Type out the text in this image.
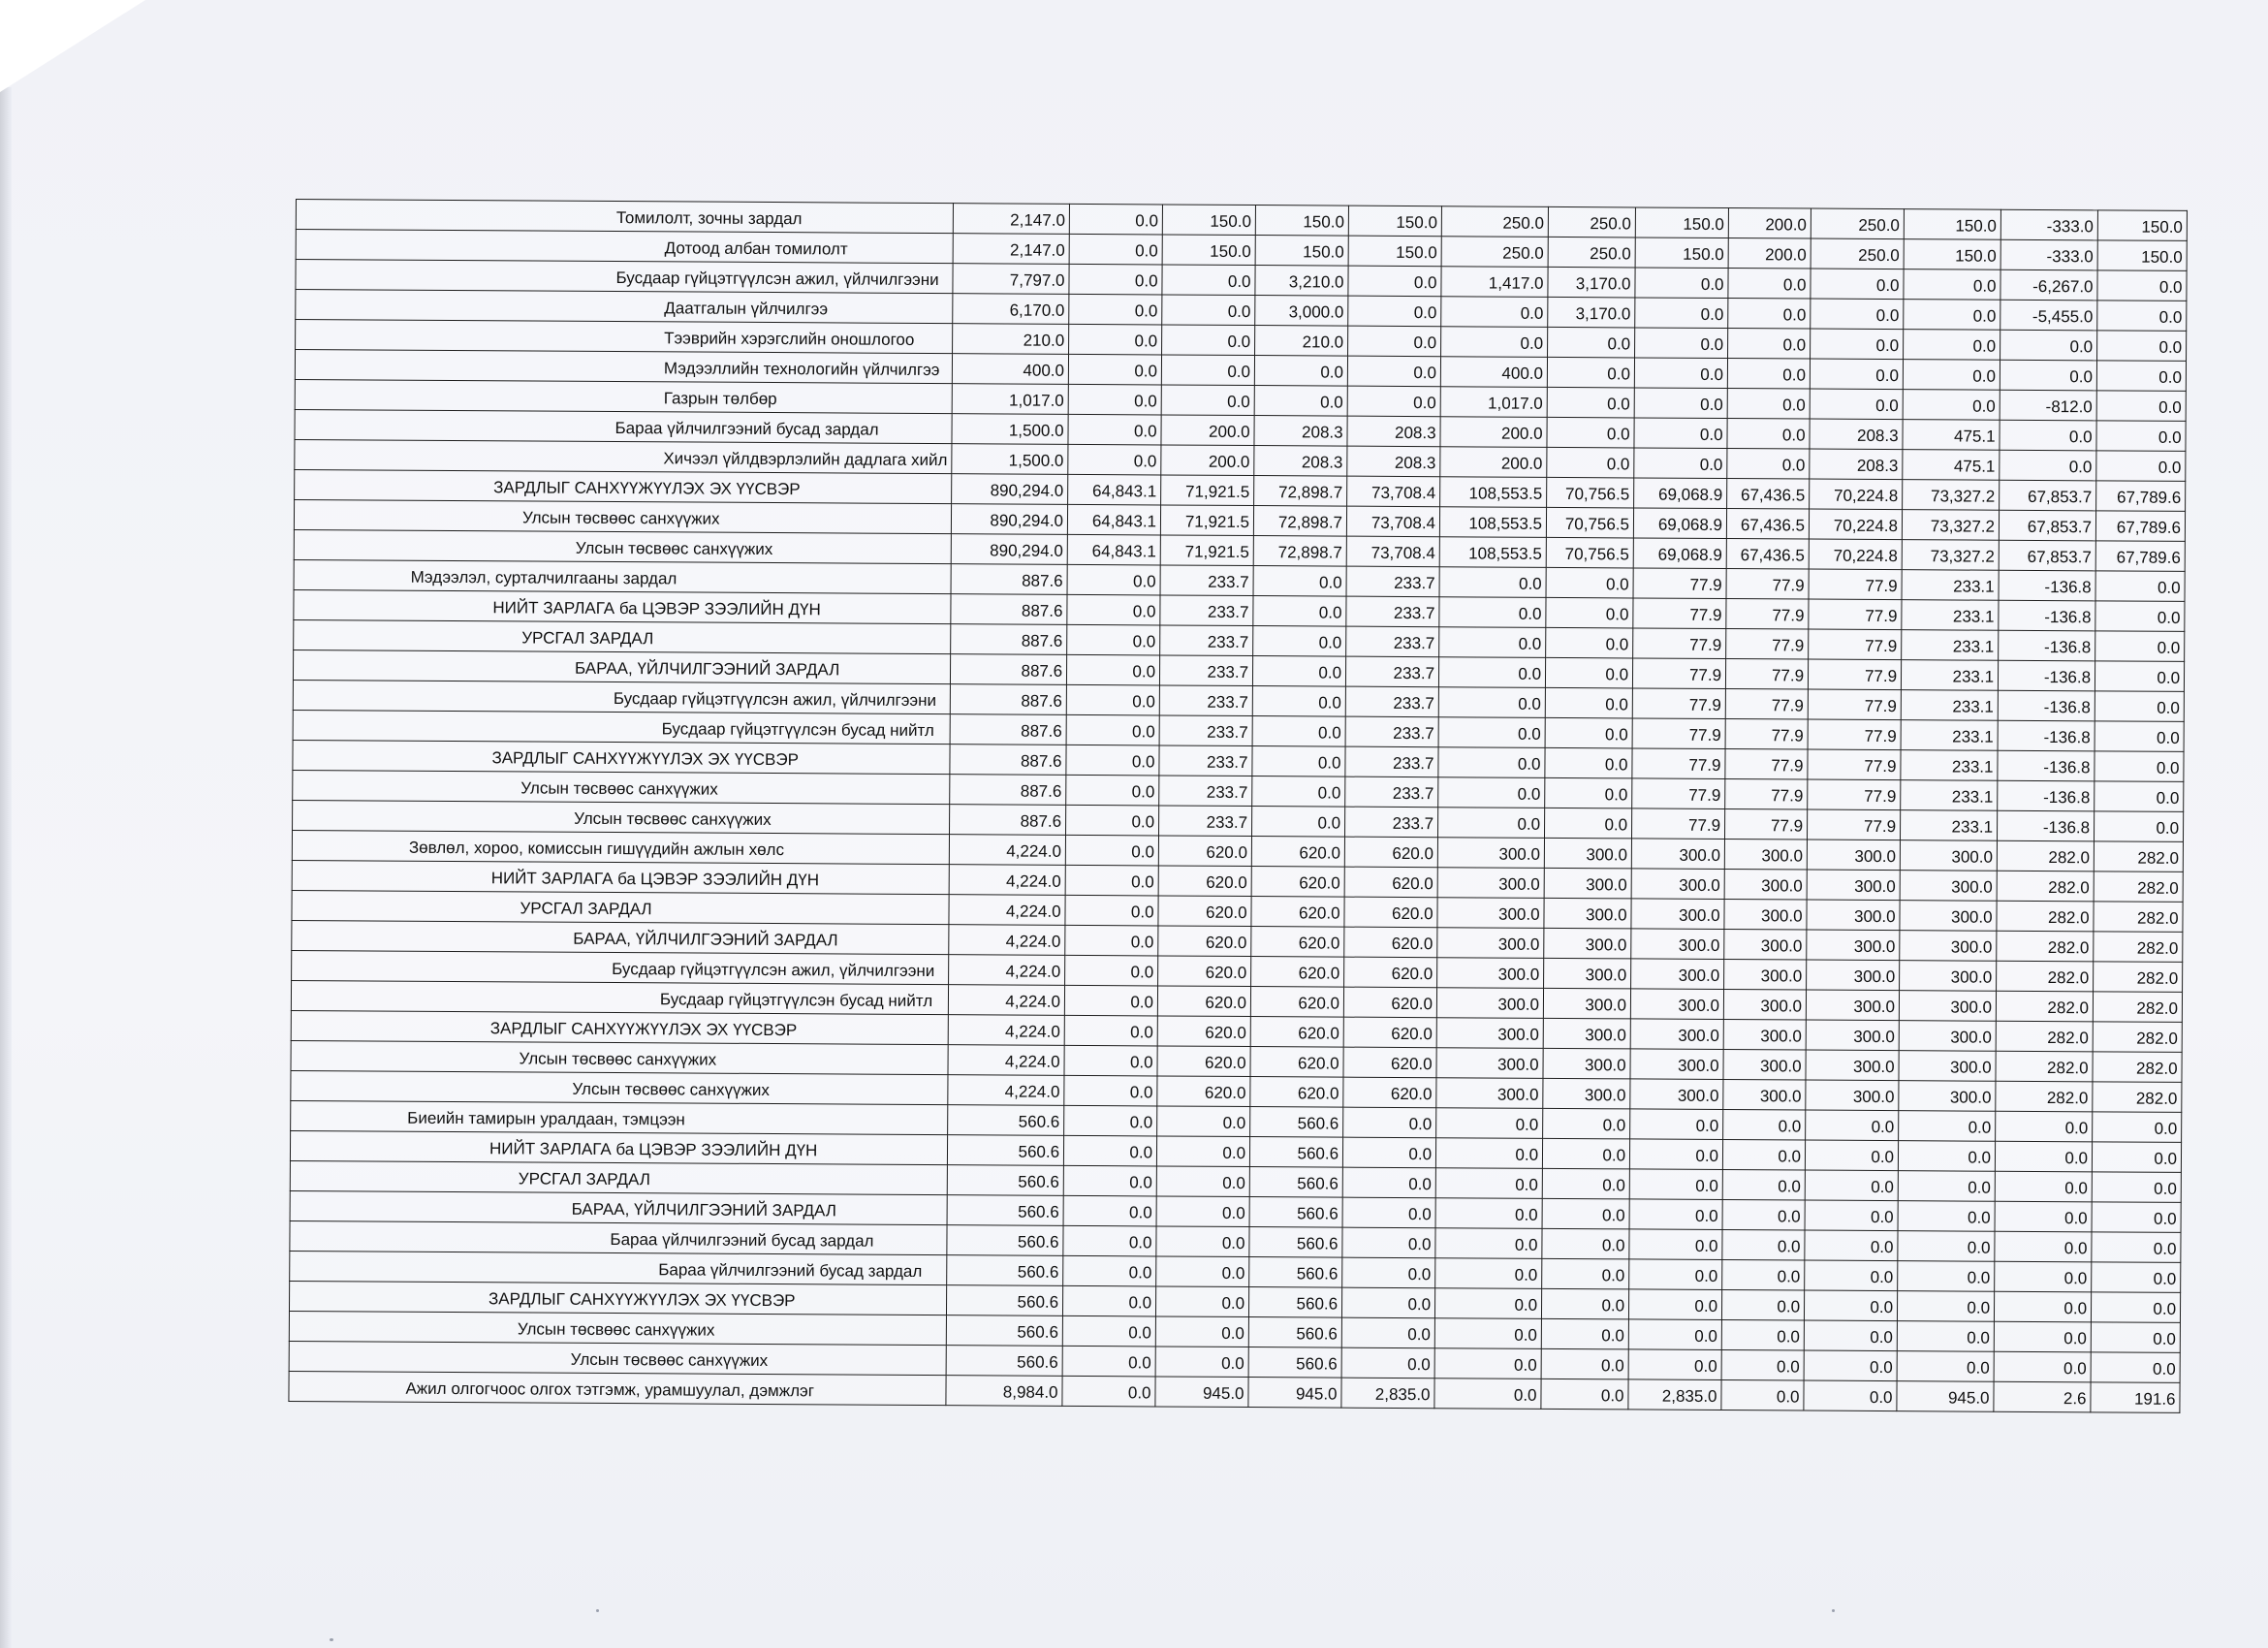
Томилолт, зочны зардал	2,147.0	0.0	150.0	150.0	150.0	250.0	250.0	150.0	200.0	250.0	150.0	-333.0	150.0
Дотоод албан томилолт	2,147.0	0.0	150.0	150.0	150.0	250.0	250.0	150.0	200.0	250.0	150.0	-333.0	150.0
Бусдаар гүйцэтгүүлсэн ажил, үйлчилгээни	7,797.0	0.0	0.0	3,210.0	0.0	1,417.0	3,170.0	0.0	0.0	0.0	0.0	-6,267.0	0.0
Даатгалын үйлчилгээ	6,170.0	0.0	0.0	3,000.0	0.0	0.0	3,170.0	0.0	0.0	0.0	0.0	-5,455.0	0.0
Тээврийн хэрэгслийн оношлогоо	210.0	0.0	0.0	210.0	0.0	0.0	0.0	0.0	0.0	0.0	0.0	0.0	0.0
Мэдээллийн технологийн үйлчилгээ	400.0	0.0	0.0	0.0	0.0	400.0	0.0	0.0	0.0	0.0	0.0	0.0	0.0
Газрын төлбөр	1,017.0	0.0	0.0	0.0	0.0	1,017.0	0.0	0.0	0.0	0.0	0.0	-812.0	0.0
Бараа үйлчилгээний бусад зардал	1,500.0	0.0	200.0	208.3	208.3	200.0	0.0	0.0	0.0	208.3	475.1	0.0	0.0
Хичээл үйлдвэрлэлийн дадлага хийл	1,500.0	0.0	200.0	208.3	208.3	200.0	0.0	0.0	0.0	208.3	475.1	0.0	0.0
ЗАРДЛЫГ САНХҮҮЖҮҮЛЭХ ЭХ ҮҮСВЭР	890,294.0	64,843.1	71,921.5	72,898.7	73,708.4	108,553.5	70,756.5	69,068.9	67,436.5	70,224.8	73,327.2	67,853.7	67,789.6
Улсын төсвөөс санхүүжих	890,294.0	64,843.1	71,921.5	72,898.7	73,708.4	108,553.5	70,756.5	69,068.9	67,436.5	70,224.8	73,327.2	67,853.7	67,789.6
Улсын төсвөөс санхүүжих	890,294.0	64,843.1	71,921.5	72,898.7	73,708.4	108,553.5	70,756.5	69,068.9	67,436.5	70,224.8	73,327.2	67,853.7	67,789.6
Мэдээлэл, сурталчилгааны зардал	887.6	0.0	233.7	0.0	233.7	0.0	0.0	77.9	77.9	77.9	233.1	-136.8	0.0
НИЙТ ЗАРЛАГА ба ЦЭВЭР ЗЭЭЛИЙН ДҮН	887.6	0.0	233.7	0.0	233.7	0.0	0.0	77.9	77.9	77.9	233.1	-136.8	0.0
УРСГАЛ ЗАРДАЛ	887.6	0.0	233.7	0.0	233.7	0.0	0.0	77.9	77.9	77.9	233.1	-136.8	0.0
БАРАА, ҮЙЛЧИЛГЭЭНИЙ ЗАРДАЛ	887.6	0.0	233.7	0.0	233.7	0.0	0.0	77.9	77.9	77.9	233.1	-136.8	0.0
Бусдаар гүйцэтгүүлсэн ажил, үйлчилгээни	887.6	0.0	233.7	0.0	233.7	0.0	0.0	77.9	77.9	77.9	233.1	-136.8	0.0
Бусдаар гүйцэтгүүлсэн бусад нийтл	887.6	0.0	233.7	0.0	233.7	0.0	0.0	77.9	77.9	77.9	233.1	-136.8	0.0
ЗАРДЛЫГ САНХҮҮЖҮҮЛЭХ ЭХ ҮҮСВЭР	887.6	0.0	233.7	0.0	233.7	0.0	0.0	77.9	77.9	77.9	233.1	-136.8	0.0
Улсын төсвөөс санхүүжих	887.6	0.0	233.7	0.0	233.7	0.0	0.0	77.9	77.9	77.9	233.1	-136.8	0.0
Улсын төсвөөс санхүүжих	887.6	0.0	233.7	0.0	233.7	0.0	0.0	77.9	77.9	77.9	233.1	-136.8	0.0
Зөвлөл, хороо, комиссын гишүүдийн ажлын хөлс	4,224.0	0.0	620.0	620.0	620.0	300.0	300.0	300.0	300.0	300.0	300.0	282.0	282.0
НИЙТ ЗАРЛАГА ба ЦЭВЭР ЗЭЭЛИЙН ДҮН	4,224.0	0.0	620.0	620.0	620.0	300.0	300.0	300.0	300.0	300.0	300.0	282.0	282.0
УРСГАЛ ЗАРДАЛ	4,224.0	0.0	620.0	620.0	620.0	300.0	300.0	300.0	300.0	300.0	300.0	282.0	282.0
БАРАА, ҮЙЛЧИЛГЭЭНИЙ ЗАРДАЛ	4,224.0	0.0	620.0	620.0	620.0	300.0	300.0	300.0	300.0	300.0	300.0	282.0	282.0
Бусдаар гүйцэтгүүлсэн ажил, үйлчилгээни	4,224.0	0.0	620.0	620.0	620.0	300.0	300.0	300.0	300.0	300.0	300.0	282.0	282.0
Бусдаар гүйцэтгүүлсэн бусад нийтл	4,224.0	0.0	620.0	620.0	620.0	300.0	300.0	300.0	300.0	300.0	300.0	282.0	282.0
ЗАРДЛЫГ САНХҮҮЖҮҮЛЭХ ЭХ ҮҮСВЭР	4,224.0	0.0	620.0	620.0	620.0	300.0	300.0	300.0	300.0	300.0	300.0	282.0	282.0
Улсын төсвөөс санхүүжих	4,224.0	0.0	620.0	620.0	620.0	300.0	300.0	300.0	300.0	300.0	300.0	282.0	282.0
Улсын төсвөөс санхүүжих	4,224.0	0.0	620.0	620.0	620.0	300.0	300.0	300.0	300.0	300.0	300.0	282.0	282.0
Биеийн тамирын уралдаан, тэмцээн	560.6	0.0	0.0	560.6	0.0	0.0	0.0	0.0	0.0	0.0	0.0	0.0	0.0
НИЙТ ЗАРЛАГА ба ЦЭВЭР ЗЭЭЛИЙН ДҮН	560.6	0.0	0.0	560.6	0.0	0.0	0.0	0.0	0.0	0.0	0.0	0.0	0.0
УРСГАЛ ЗАРДАЛ	560.6	0.0	0.0	560.6	0.0	0.0	0.0	0.0	0.0	0.0	0.0	0.0	0.0
БАРАА, ҮЙЛЧИЛГЭЭНИЙ ЗАРДАЛ	560.6	0.0	0.0	560.6	0.0	0.0	0.0	0.0	0.0	0.0	0.0	0.0	0.0
Бараа үйлчилгээний бусад зардал	560.6	0.0	0.0	560.6	0.0	0.0	0.0	0.0	0.0	0.0	0.0	0.0	0.0
Бараа үйлчилгээний бусад зардал	560.6	0.0	0.0	560.6	0.0	0.0	0.0	0.0	0.0	0.0	0.0	0.0	0.0
ЗАРДЛЫГ САНХҮҮЖҮҮЛЭХ ЭХ ҮҮСВЭР	560.6	0.0	0.0	560.6	0.0	0.0	0.0	0.0	0.0	0.0	0.0	0.0	0.0
Улсын төсвөөс санхүүжих	560.6	0.0	0.0	560.6	0.0	0.0	0.0	0.0	0.0	0.0	0.0	0.0	0.0
Улсын төсвөөс санхүүжих	560.6	0.0	0.0	560.6	0.0	0.0	0.0	0.0	0.0	0.0	0.0	0.0	0.0
Ажил олгогчоос олгох тэтгэмж, урамшуулал, дэмжлэг	8,984.0	0.0	945.0	945.0	2,835.0	0.0	0.0	2,835.0	0.0	0.0	945.0	2.6	191.6
